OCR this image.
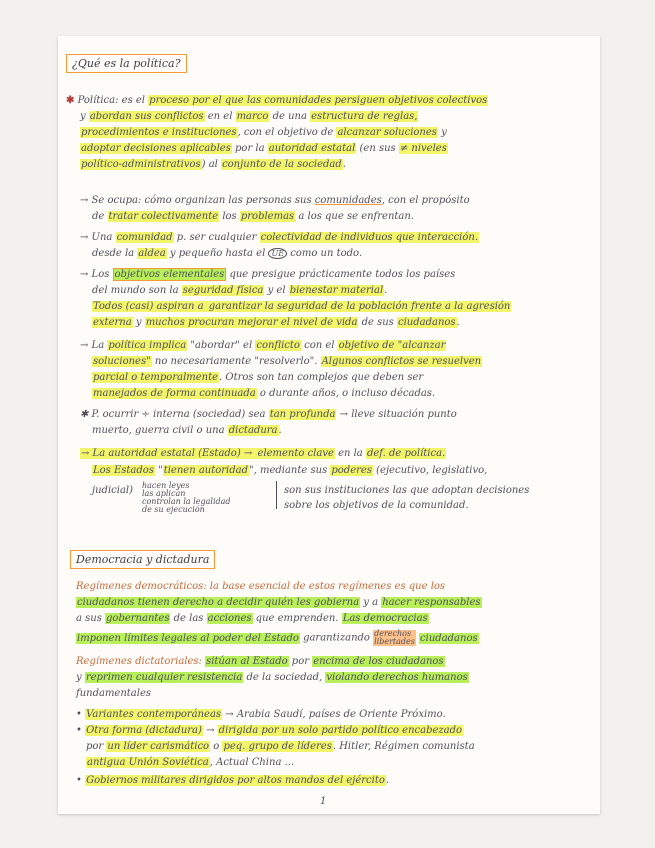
¿Qué es la política?
✱ Política: es el proceso por el que las comunidades persiguen objetivos colectivos
y abordan sus conflictos en el marco de una estructura de reglas,
procedimientos e instituciones, con el objetivo de alcanzar soluciones y
adoptar decisiones aplicables por la autoridad estatal (en sus ≠ niveles
político-administrativos) al conjunto de la sociedad.
→ Se ocupa: cómo organizan las personas sus comunidades, con el propósito
de tratar colectivamente los problemas a los que se enfrentan.
→ Una comunidad p. ser cualquier colectividad de individuos que interacción.
desde la aldea y pequeño hasta el UE como un todo.
→ Los objetivos elementales que presigue prácticamente todos los países
del mundo son la seguridad física y el bienestar material.
Todos (casi) aspiran a garantizar la seguridad de la población frente a la agresión
externa y muchos procuran mejorar el nivel de vida de sus ciudadanos.
→ La política implica "abordar" el conflicto con el objetivo de "alcanzar
soluciones" no necesariamente "resolverlo". Algunos conflictos se resuelven
parcial o temporalmente. Otros son tan complejos que deben ser
manejados de forma continuada o durante años, o incluso décadas.
✱ P. ocurrir ÷ interna (sociedad) sea tan profunda → lleve situación punto
muerto, guerra civil o una dictadura.
→ La autoridad estatal (Estado) → elemento clave en la def. de política.
Los Estados "tienen autoridad", mediante sus poderes (ejecutivo, legislativo,
judicial) hacen leyes
las aplican
controlan la legalidad
de su ejecución
son sus instituciones las que adoptan decisiones
sobre los objetivos de la comunidad.
Democracia y dictadura
Regímenes democráticos: la base esencial de estos regímenes es que los
ciudadanos tienen derecho a decidir quién les gobierna y a hacer responsables
a sus gobernantes de las acciones que emprenden. Las democracias
imponen límites legales al poder del Estado garantizando derechos
libertades ciudadanos
Regímenes dictatoriales: sitúan al Estado por encima de los ciudadanos
y reprimen cualquier resistencia de la sociedad, violando derechos humanos
fundamentales
• Variantes contemporáneas → Arabia Saudí, países de Oriente Próximo.
• Otra forma (dictadura) → dirigida por un solo partido político encabezado
por un líder carismático o peq. grupo de líderes. Hitler, Régimen comunista
antigua Unión Soviética, Actual China ...
• Gobiernos militares dirigidos por altos mandos del ejército.
1
